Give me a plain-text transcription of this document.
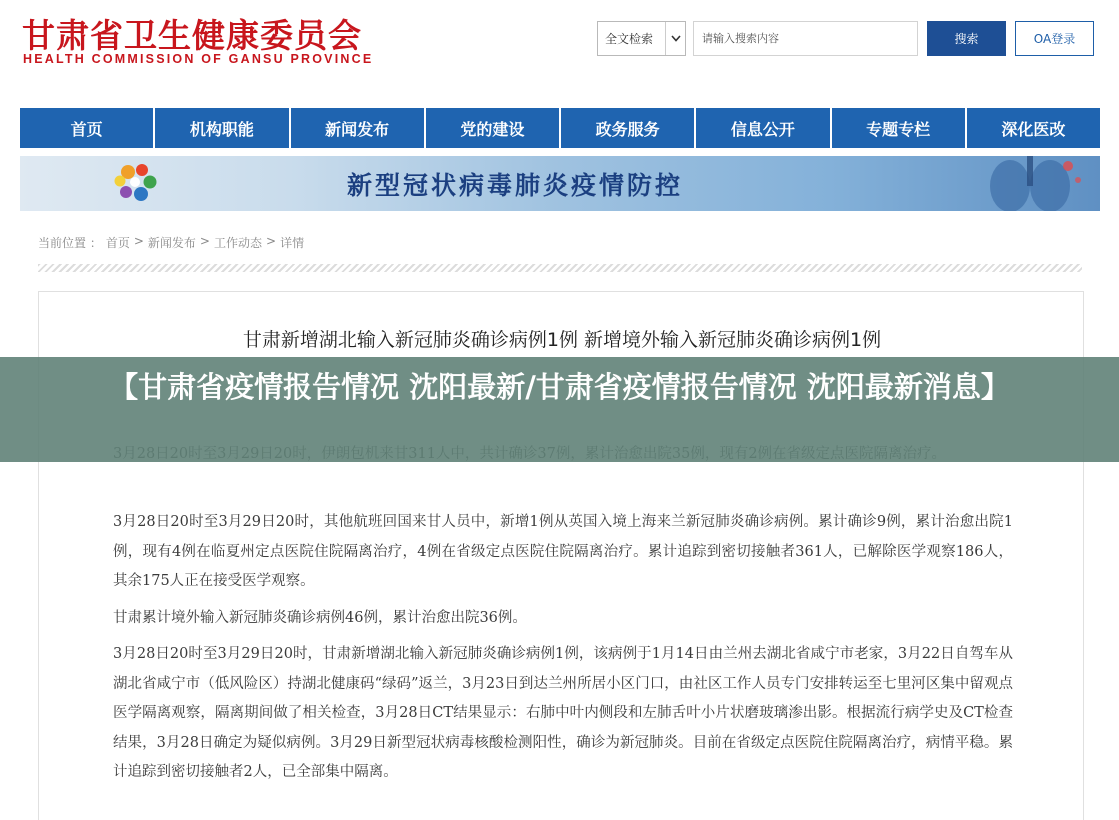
甘肃省卫生健康委员会
HEALTH COMMISSION OF GANSU PROVINCE
全文检索	请输入搜索内容	搜索	OA登录
首页	机构职能	新闻发布	党的建设	政务服务	信息公开	专题专栏	深化医改
新型冠状病毒肺炎疫情防控
当前位置 ： 首页 > 新闻发布 > 工作动态 > 详情
甘肃新增湖北输入新冠肺炎确诊病例1例 新增境外输入新冠肺炎确诊病例1例
3月28日20时至3月29日20时，其他航班回国来甘人员中，新增1例从英国入境上海来兰新冠肺炎确诊病例。累计确诊9例，累计治愈出院1例，现有4例在临夏州定点医院住院隔离治疗，4例在省级定点医院住院隔离治疗。累计追踪到密切接触者361人，已解除医学观察186人，其余175人正在接受医学观察。
甘肃累计境外输入新冠肺炎确诊病例46例，累计治愈出院36例。
3月28日20时至3月29日20时，甘肃新增湖北输入新冠肺炎确诊病例1例，该病例于1月14日由兰州去湖北省咸宁市老家，3月22日自驾车从湖北省咸宁市（低风险区）持湖北健康码“绿码”返兰，3月23日到达兰州所居小区门口，由社区工作人员专门安排转运至七里河区集中留观点医学隔离观察，隔离期间做了相关检查，3月28日CT结果显示：右肺中叶内侧段和左肺舌叶小片状磨玻璃渗出影。根据流行病学史及CT检查结果，3月28日确定为疑似病例。3月29日新型冠状病毒核酸检测阳性，确诊为新冠肺炎。目前在省级定点医院住院隔离治疗，病情平稳。累计追踪到密切接触者2人，已全部集中隔离。
【甘肃省疫情报告情况 沈阳最新/甘肃省疫情报告情况 沈阳最新消息】
